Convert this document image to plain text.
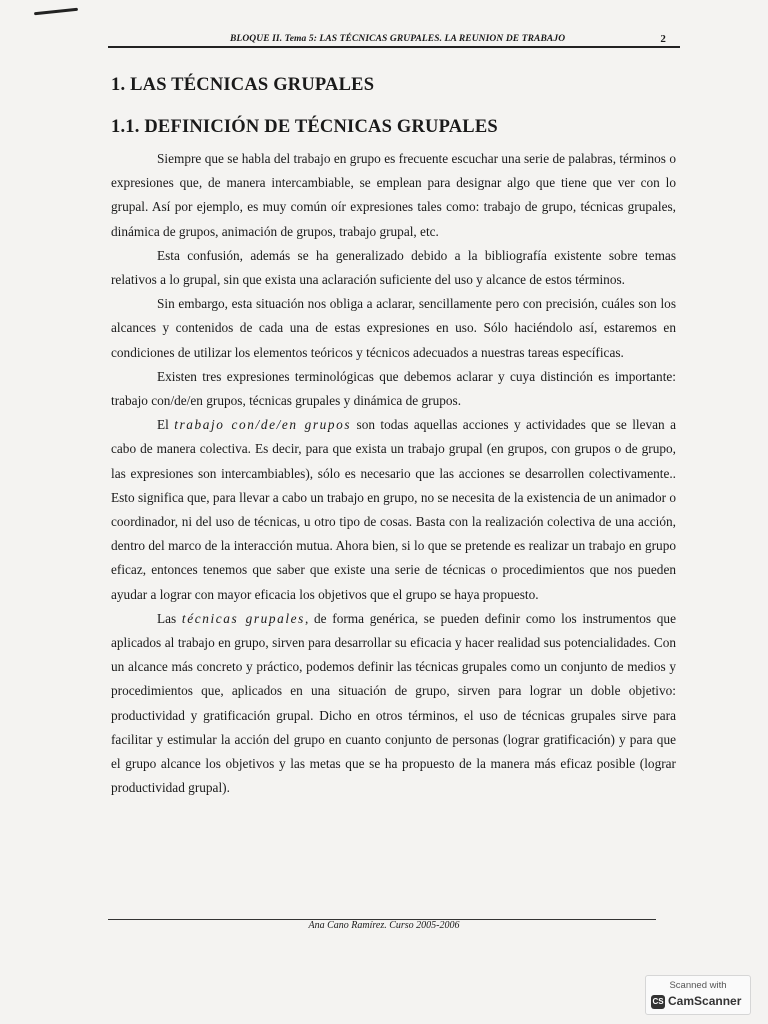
BLOQUE II. Tema 5: LAS TÉCNICAS GRUPALES. LA REUNION DE TRABAJO	2
1. LAS TÉCNICAS GRUPALES
1.1. DEFINICIÓN DE TÉCNICAS GRUPALES

Siempre que se habla del trabajo en grupo es frecuente escuchar una serie de palabras, términos o expresiones que, de manera intercambiable, se emplean para designar algo que tiene que ver con lo grupal. Así por ejemplo, es muy común oír expresiones tales como: trabajo de grupo, técnicas grupales, dinámica de grupos, animación de grupos, trabajo grupal, etc.

Esta confusión, además se ha generalizado debido a la bibliografía existente sobre temas relativos a lo grupal, sin que exista una aclaración suficiente del uso y alcance de estos términos.

Sin embargo, esta situación nos obliga a aclarar, sencillamente pero con precisión, cuáles son los alcances y contenidos de cada una de estas expresiones en uso. Sólo haciéndolo así, estaremos en condiciones de utilizar los elementos teóricos y técnicos adecuados a nuestras tareas específicas.

Existen tres expresiones terminológicas que debemos aclarar y cuya distinción es importante: trabajo con/de/en grupos, técnicas grupales y dinámica de grupos.

El trabajo con/de/en grupos son todas aquellas acciones y actividades que se llevan a cabo de manera colectiva. Es decir, para que exista un trabajo grupal (en grupos, con grupos o de grupo, las expresiones son intercambiables), sólo es necesario que las acciones se desarrollen colectivamente.. Esto significa que, para llevar a cabo un trabajo en grupo, no se necesita de la existencia de un animador o coordinador, ni del uso de técnicas, u otro tipo de cosas. Basta con la realización colectiva de una acción, dentro del marco de la interacción mutua. Ahora bien, si lo que se pretende es realizar un trabajo en grupo eficaz, entonces tenemos que saber que existe una serie de técnicas o procedimientos que nos pueden ayudar a lograr con mayor eficacia los objetivos que el grupo se haya propuesto.

Las técnicas grupales, de forma genérica, se pueden definir como los instrumentos que aplicados al trabajo en grupo, sirven para desarrollar su eficacia y hacer realidad sus potencialidades. Con un alcance más concreto y práctico, podemos definir las técnicas grupales como un conjunto de medios y procedimientos que, aplicados en una situación de grupo, sirven para lograr un doble objetivo: productividad y gratificación grupal. Dicho en otros términos, el uso de técnicas grupales sirve para facilitar y estimular la acción del grupo en cuanto conjunto de personas (lograr gratificación) y para que el grupo alcance los objetivos y las metas que se ha propuesto de la manera más eficaz posible (lograr productividad grupal).

Ana Cano Ramírez. Curso 2005-2006
Scanned with
CS CamScanner
